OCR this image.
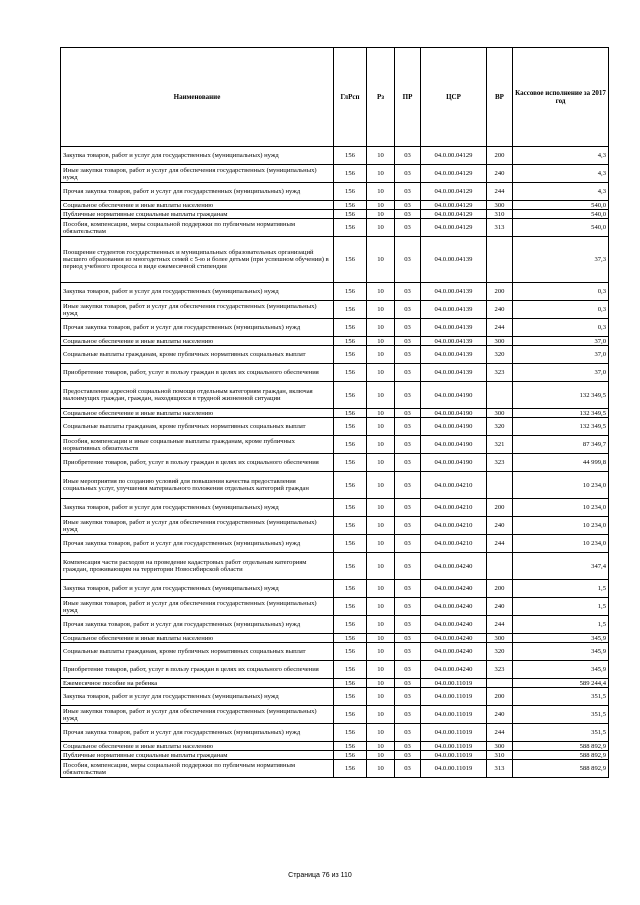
Наименование	ГлРсп	Рз	ПР	ЦСР	ВР	Кассовое исполнение за 2017 год
Закупка товаров, работ и услуг для государственных (муниципальных) нужд	156	10	03	04.0.00.04129	200	4,3
Иные закупки товаров, работ и услуг для обеспечения государственных (муниципальных) нужд	156	10	03	04.0.00.04129	240	4,3
Прочая закупка товаров, работ и услуг для государственных (муниципальных) нужд	156	10	03	04.0.00.04129	244	4,3
Социальное обеспечение и иные выплаты населению	156	10	03	04.0.00.04129	300	540,0
Публичные нормативные социальные выплаты гражданам	156	10	03	04.0.00.04129	310	540,0
Пособия, компенсации, меры социальной поддержки по публичным нормативным обязательствам	156	10	03	04.0.00.04129	313	540,0
Поощрение студентов государственных и муниципальных образовательных организаций высшего образования из многодетных семей с 5-ю и более детьми (при успешном обучении) в период учебного процесса в виде ежемесячной стипендии	156	10	03	04.0.00.04139		37,3
Закупка товаров, работ и услуг для государственных (муниципальных) нужд	156	10	03	04.0.00.04139	200	0,3
Иные закупки товаров, работ и услуг для обеспечения государственных (муниципальных) нужд	156	10	03	04.0.00.04139	240	0,3
Прочая закупка товаров, работ и услуг для государственных (муниципальных) нужд	156	10	03	04.0.00.04139	244	0,3
Социальное обеспечение и иные выплаты населению	156	10	03	04.0.00.04139	300	37,0
Социальные выплаты гражданам, кроме публичных нормативных социальных выплат	156	10	03	04.0.00.04139	320	37,0
Приобретение товаров, работ, услуг в пользу граждан в целях их социального обеспечения	156	10	03	04.0.00.04139	323	37,0
Предоставление адресной социальной помощи отдельным категориям граждан, включая малоимущих граждан, граждан, находящихся в трудной жизненной ситуации	156	10	03	04.0.00.04190		132 349,5
Социальное обеспечение и иные выплаты населению	156	10	03	04.0.00.04190	300	132 349,5
Социальные выплаты гражданам, кроме публичных нормативных социальных выплат	156	10	03	04.0.00.04190	320	132 349,5
Пособия, компенсации и иные социальные выплаты гражданам, кроме публичных нормативных обязательств	156	10	03	04.0.00.04190	321	87 349,7
Приобретение товаров, работ, услуг в пользу граждан в целях их социального обеспечения	156	10	03	04.0.00.04190	323	44 999,8
Иные мероприятия по созданию условий для повышения качества предоставления социальных услуг, улучшения материального положения отдельных категорий граждан	156	10	03	04.0.00.04210		10 234,0
Закупка товаров, работ и услуг для государственных (муниципальных) нужд	156	10	03	04.0.00.04210	200	10 234,0
Иные закупки товаров, работ и услуг для обеспечения государственных (муниципальных) нужд	156	10	03	04.0.00.04210	240	10 234,0
Прочая закупка товаров, работ и услуг для государственных (муниципальных) нужд	156	10	03	04.0.00.04210	244	10 234,0
Компенсация части расходов на проведение кадастровых работ отдельным категориям граждан, проживающим на территории Новосибирской области	156	10	03	04.0.00.04240		347,4
Закупка товаров, работ и услуг для государственных (муниципальных) нужд	156	10	03	04.0.00.04240	200	1,5
Иные закупки товаров, работ и услуг для обеспечения государственных (муниципальных) нужд	156	10	03	04.0.00.04240	240	1,5
Прочая закупка товаров, работ и услуг для государственных (муниципальных) нужд	156	10	03	04.0.00.04240	244	1,5
Социальное обеспечение и иные выплаты населению	156	10	03	04.0.00.04240	300	345,9
Социальные выплаты гражданам, кроме публичных нормативных социальных выплат	156	10	03	04.0.00.04240	320	345,9
Приобретение товаров, работ, услуг в пользу граждан в целях их социального обеспечения	156	10	03	04.0.00.04240	323	345,9
Ежемесячное пособие на ребенка	156	10	03	04.0.00.11019		589 244,4
Закупка товаров, работ и услуг для государственных (муниципальных) нужд	156	10	03	04.0.00.11019	200	351,5
Иные закупки товаров, работ и услуг для обеспечения государственных (муниципальных) нужд	156	10	03	04.0.00.11019	240	351,5
Прочая закупка товаров, работ и услуг для государственных (муниципальных) нужд	156	10	03	04.0.00.11019	244	351,5
Социальное обеспечение и иные выплаты населению	156	10	03	04.0.00.11019	300	588 892,9
Публичные нормативные социальные выплаты гражданам	156	10	03	04.0.00.11019	310	588 892,9
Пособия, компенсации, меры социальной поддержки по публичным нормативным обязательствам	156	10	03	04.0.00.11019	313	588 892,9
Страница 76 из 110
